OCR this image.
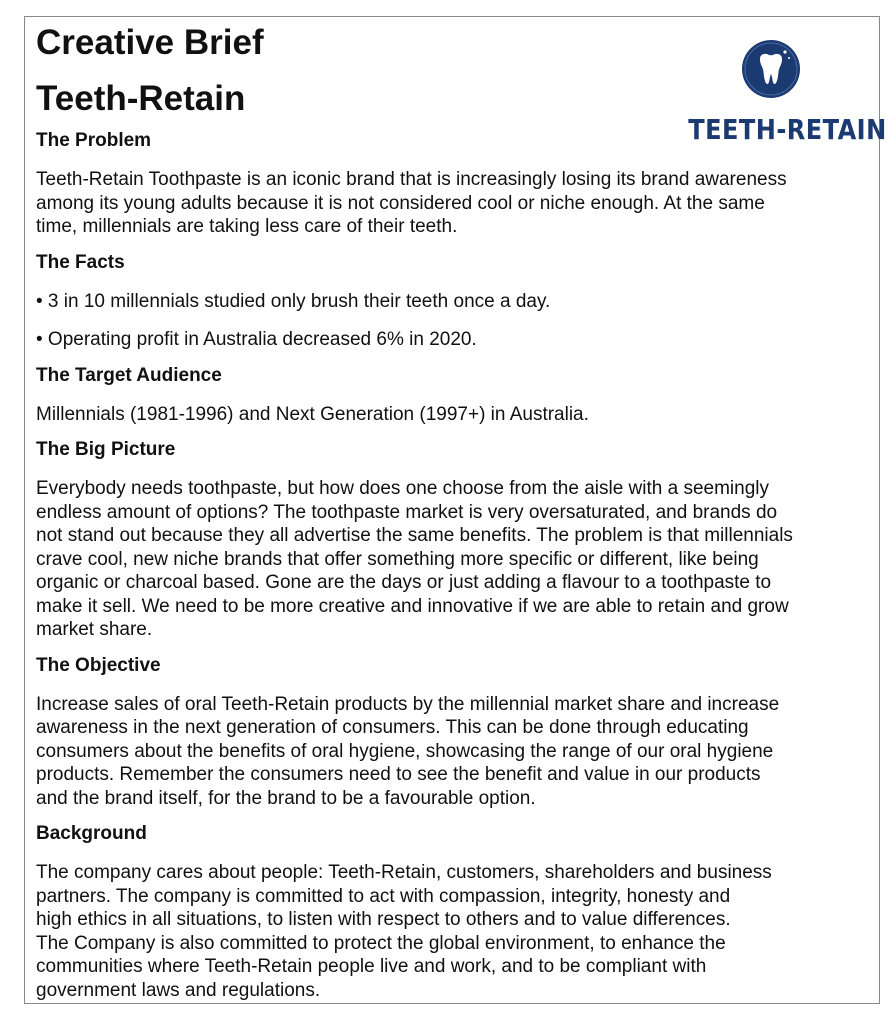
Creative Brief
Teeth-Retain
TEETH-RETAIN
The Problem

Teeth-Retain Toothpaste is an iconic brand that is increasingly losing its brand awareness

among its young adults because it is not considered cool or niche enough. At the same

time, millennials are taking less care of their teeth.

The Facts

• 3 in 10 millennials studied only brush their teeth once a day.

• Operating profit in Australia decreased 6% in 2020.

The Target Audience

Millennials (1981-1996) and Next Generation (1997+) in Australia.

The Big Picture

Everybody needs toothpaste, but how does one choose from the aisle with a seemingly

endless amount of options? The toothpaste market is very oversaturated, and brands do

not stand out because they all advertise the same benefits. The problem is that millennials

crave cool, new niche brands that offer something more specific or different, like being

organic or charcoal based. Gone are the days or just adding a flavour to a toothpaste to

make it sell. We need to be more creative and innovative if we are able to retain and grow

market share.

The Objective

Increase sales of oral Teeth-Retain products by the millennial market share and increase

awareness in the next generation of consumers. This can be done through educating

consumers about the benefits of oral hygiene, showcasing the range of our oral hygiene

products. Remember the consumers need to see the benefit and value in our products

and the brand itself, for the brand to be a favourable option.

Background

The company cares about people: Teeth-Retain, customers, shareholders and business

partners. The company is committed to act with compassion, integrity, honesty and

high ethics in all situations, to listen with respect to others and to value differences.

The Company is also committed to protect the global environment, to enhance the

communities where Teeth-Retain people live and work, and to be compliant with

government laws and regulations.
